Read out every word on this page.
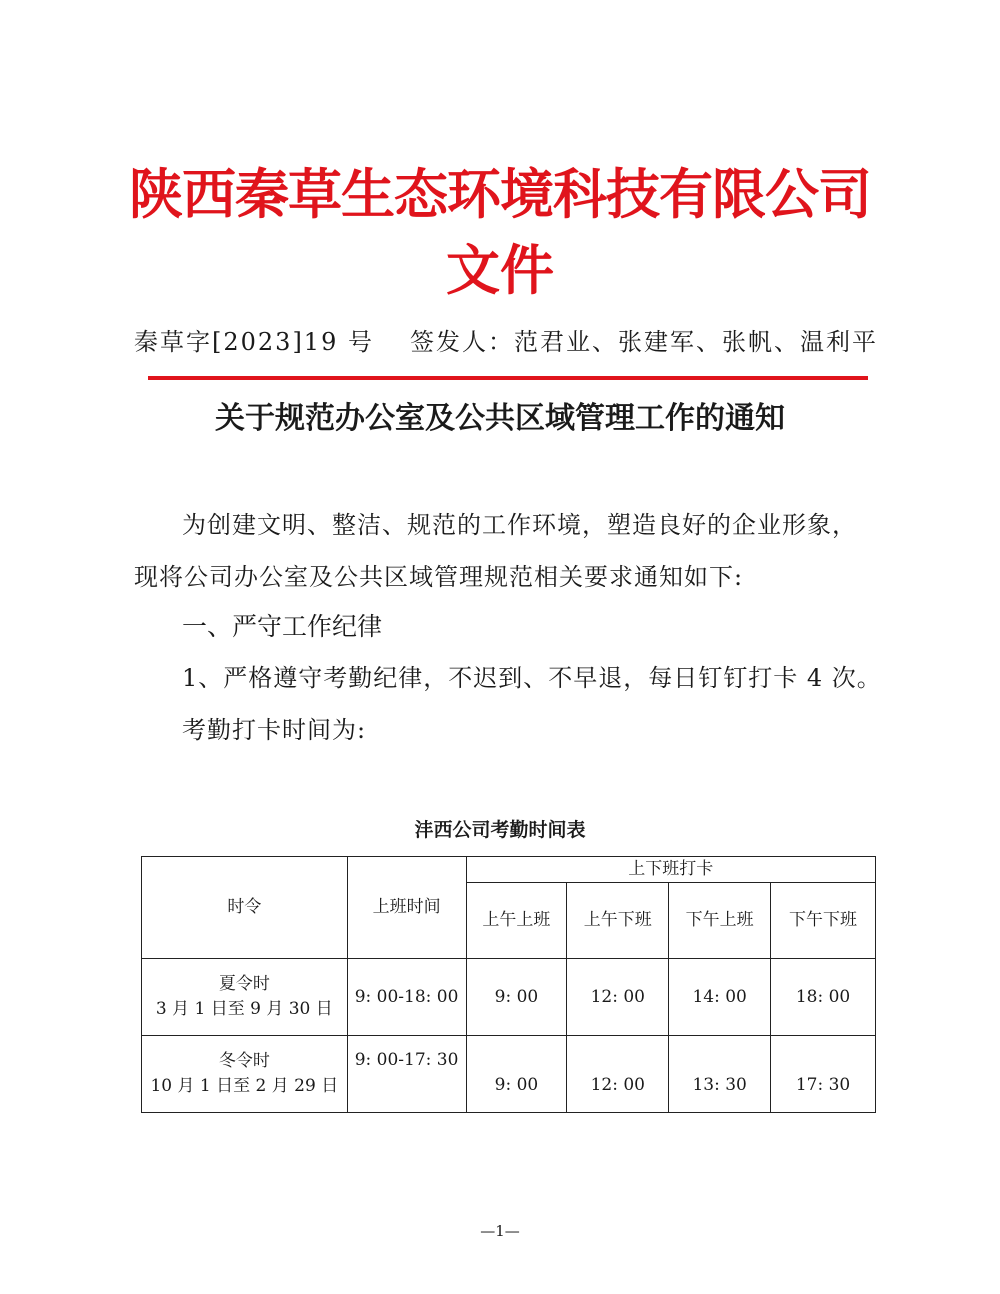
陕西秦草生态环境科技有限公司
文件
秦草字[2023]19 号 签发人：范君业、张建军、张帆、温利平
关于规范办公室及公共区域管理工作的通知
为创建文明、整洁、规范的工作环境，塑造良好的企业形象，
现将公司办公室及公共区域管理规范相关要求通知如下:
一、严守工作纪律
1、严格遵守考勤纪律，不迟到、不早退，每日钉钉打卡 4 次。
考勤打卡时间为:
沣西公司考勤时间表
时令	上班时间	上下班打卡			
		上午上班	上午下班	下午上班	下午下班

夏令时
3 月 1 日至 9 月 30 日	9: 00-18: 00	9: 00	12: 00	14: 00	18: 00

冬令时
10 月 1 日至 2 月 29 日	9: 00-17: 30	9: 00	12: 00	13: 30	17: 30
—1—
